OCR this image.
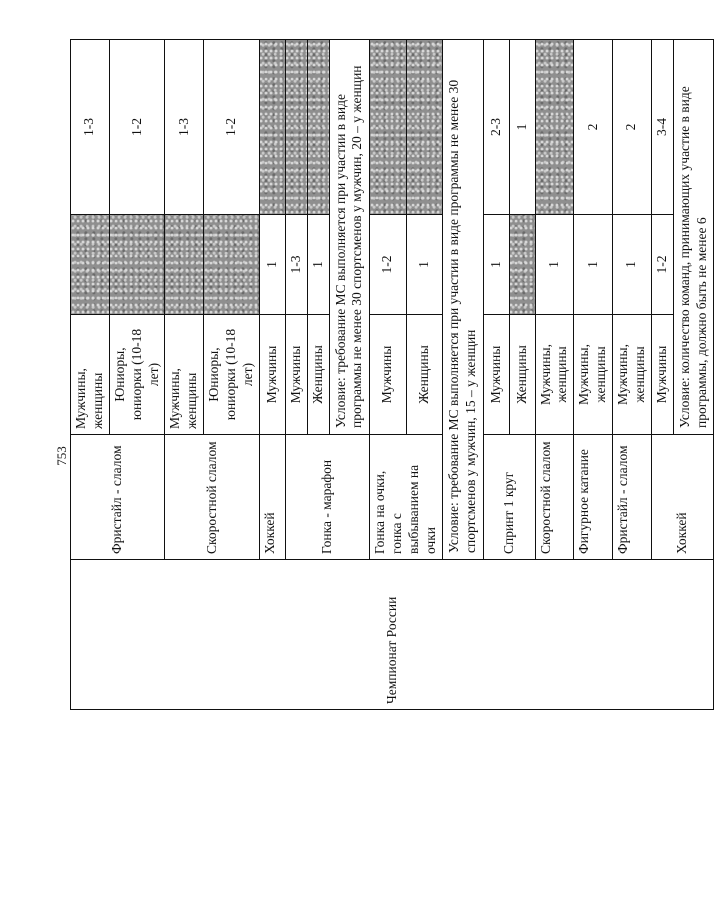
753
Чемпионат России	Фристайл - слалом	Мужчины, женщины		1-3
		Юниоры, юниорки (10-18 лет)		1-2
	Скоростной слалом	Мужчины, женщины		1-3
		Юниоры, юниорки (10-18 лет)		1-2
	Хоккей	Мужчины	1	
	Гонка - марафон	Мужчины	1-3	
		Женщины	1	
		Условие: требование МС выполняется при участии в виде программы не менее 30 спортсменов у мужчин, 20 – у женщин		
	Гонка на очки, гонка с выбыванием на очки	Мужчины	1-2	
		Женщины	1	
	Условие: требование МС выполняется при участии в виде программы не менее 30 спортсменов у мужчин, 15 – у женщин			
	Спринт 1 круг	Мужчины	1	2-3
		Женщины		1
	Скоростной слалом	Мужчины, женщины	1	
	Фигурное катание	Мужчины, женщины	1	2
	Фристайл - слалом	Мужчины, женщины	1	2
	Хоккей	Мужчины	1-2	3-4
		Условие: количество команд, принимающих участие в виде программы, должно быть не менее 6		
